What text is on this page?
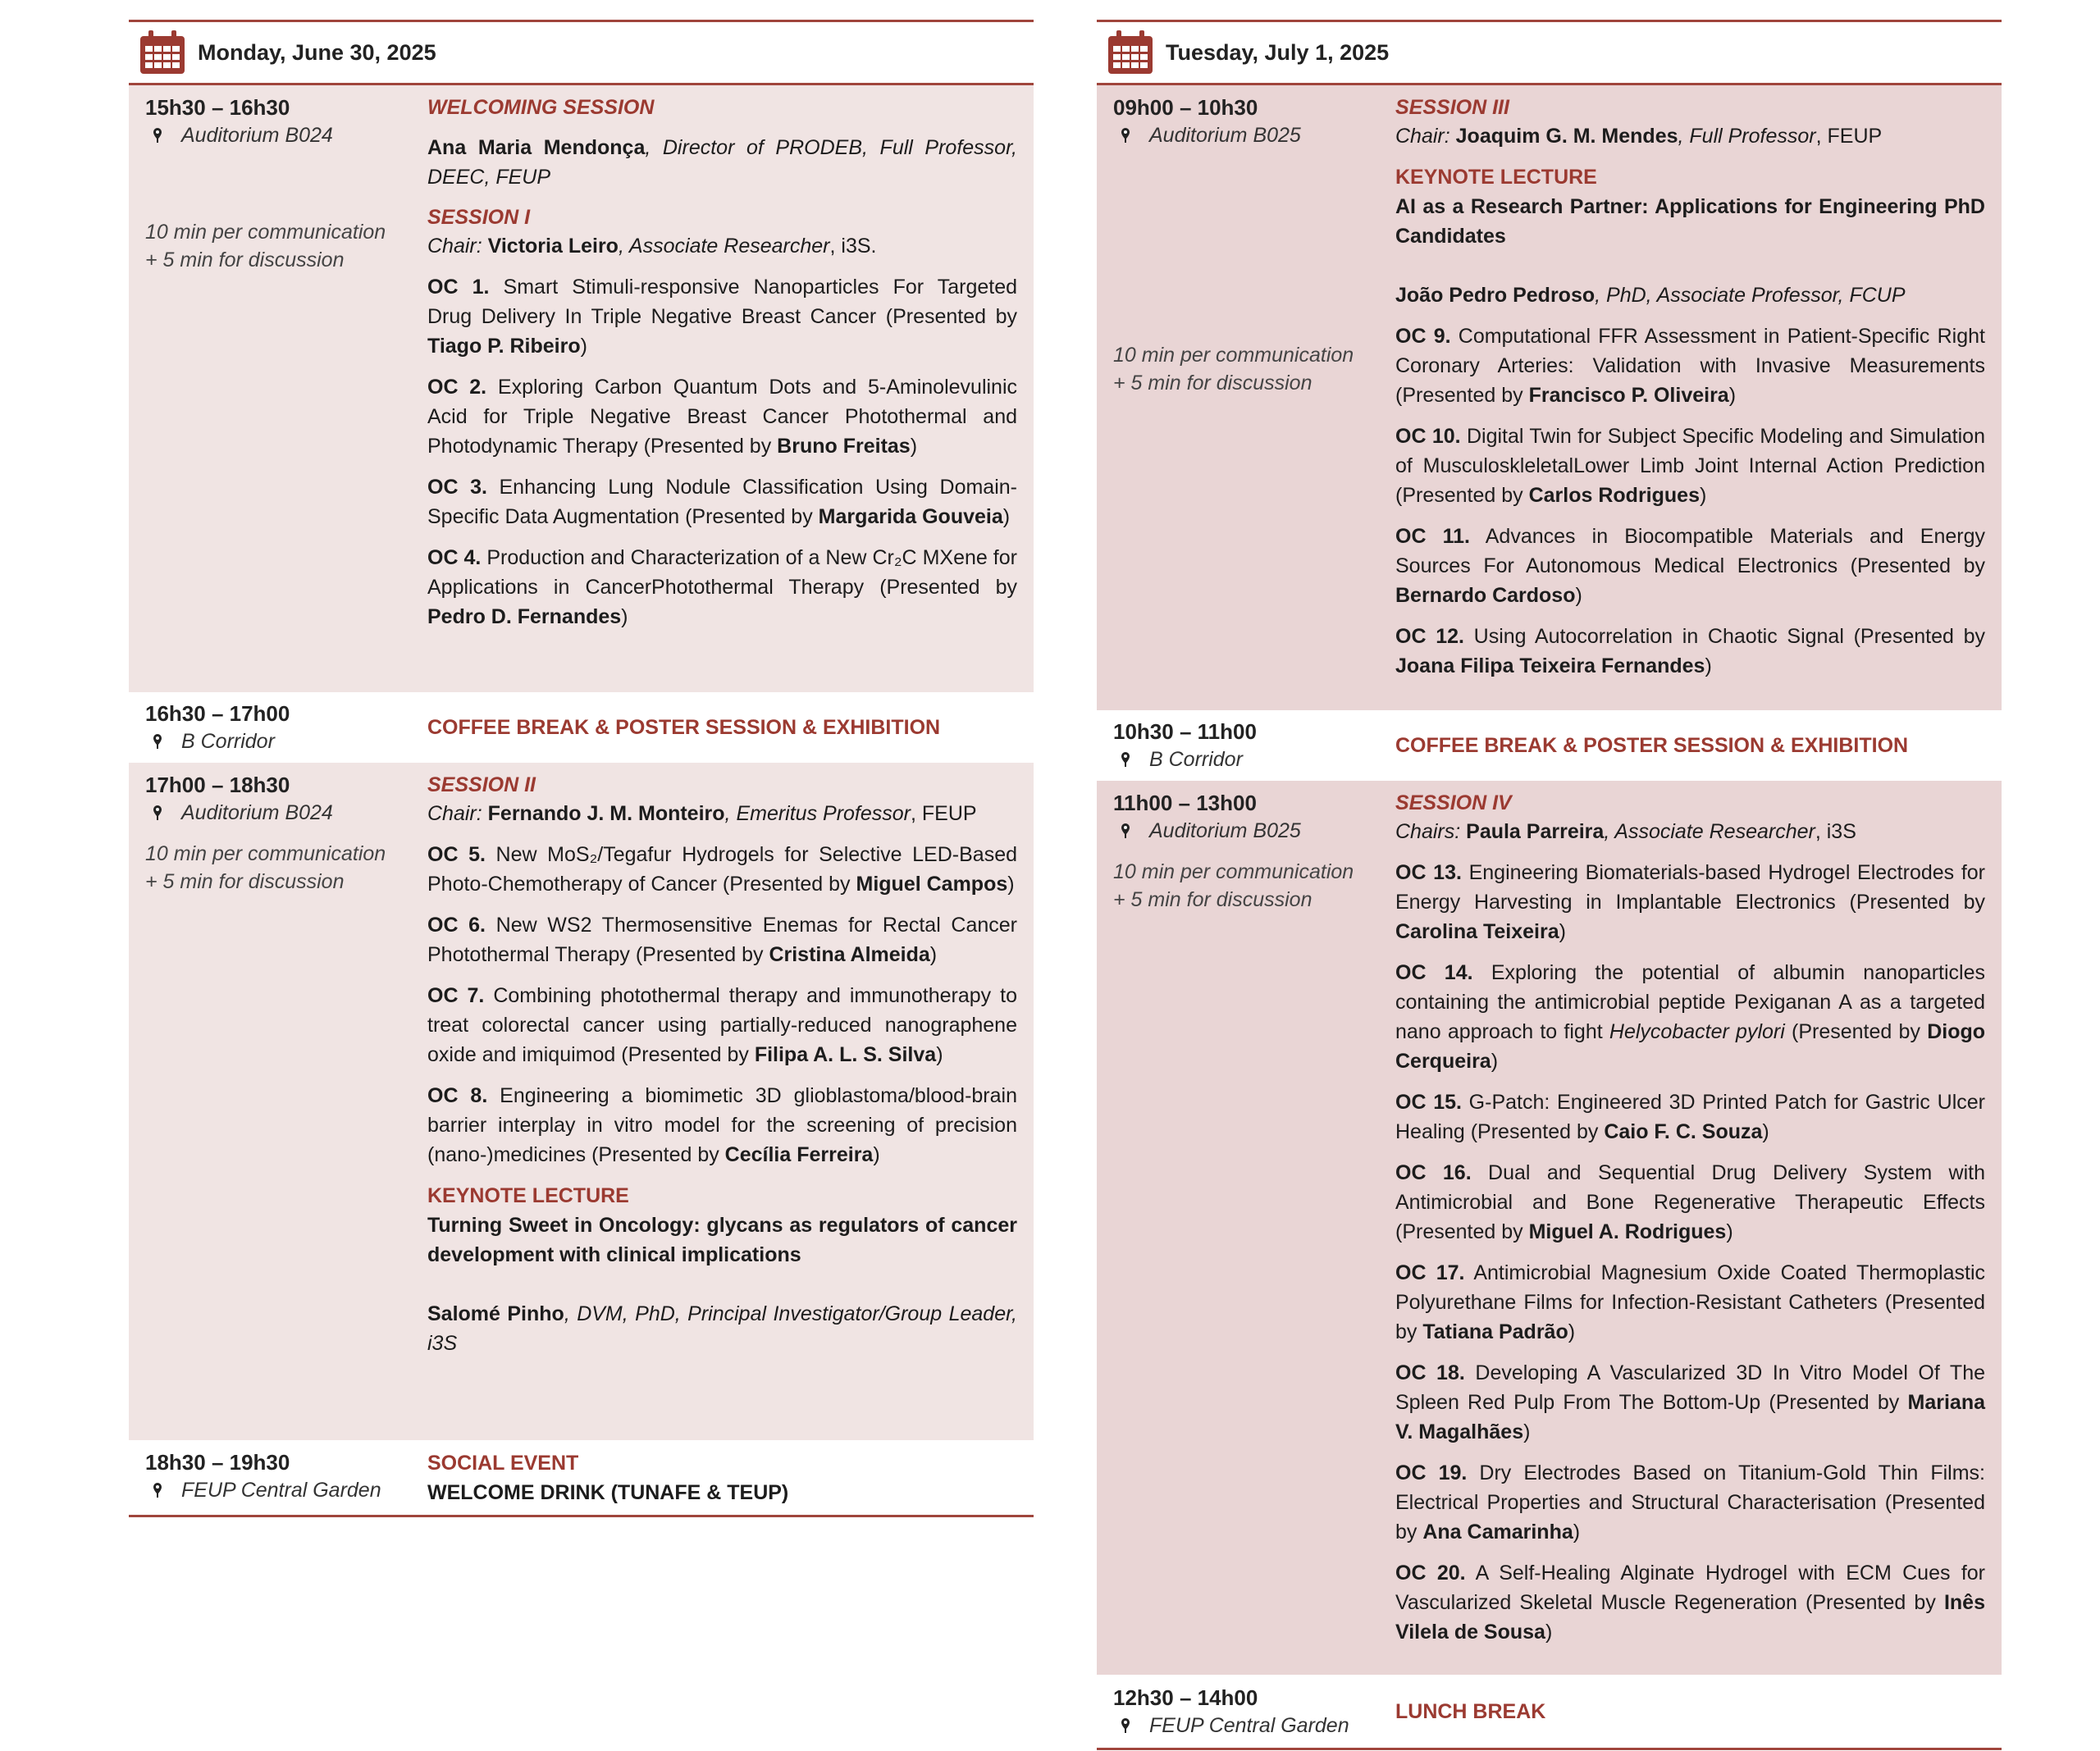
Monday, June 30, 2025
15h30 – 16h30
Auditorium B024
10 min per communication
+ 5 min for discussion
WELCOMING SESSION
Ana Maria Mendonça, Director of PRODEB, Full Professor, DEEC, FEUP
SESSION I
Chair: Victoria Leiro, Associate Researcher, i3S.
OC 1. Smart Stimuli-responsive Nanoparticles For Targeted Drug Delivery In Triple Negative Breast Cancer (Presented by Tiago P. Ribeiro)
OC 2. Exploring Carbon Quantum Dots and 5-Aminolevulinic Acid for Triple Negative Breast Cancer Photothermal and Photodynamic Therapy (Presented by Bruno Freitas)
OC 3. Enhancing Lung Nodule Classification Using Domain-Specific Data Augmentation (Presented by Margarida Gouveia)
OC 4. Production and Characterization of a New Cr₂C MXene for Applications in CancerPhotothermal Therapy (Presented by Pedro D. Fernandes)
16h30 – 17h00
B Corridor
COFFEE BREAK & POSTER SESSION & EXHIBITION
17h00 – 18h30
Auditorium B024
10 min per communication
+ 5 min for discussion
SESSION II
Chair: Fernando J. M. Monteiro, Emeritus Professor, FEUP
OC 5. New MoS₂/Tegafur Hydrogels for Selective LED-Based Photo-Chemotherapy of Cancer (Presented by Miguel Campos)
OC 6. New WS2 Thermosensitive Enemas for Rectal Cancer Photothermal Therapy (Presented by Cristina Almeida)
OC 7. Combining photothermal therapy and immunotherapy to treat colorectal cancer using partially-reduced nanographene oxide and imiquimod (Presented by Filipa A. L. S. Silva)
OC 8. Engineering a biomimetic 3D glioblastoma/blood-brain barrier interplay in vitro model for the screening of precision (nano-)medicines (Presented by Cecília Ferreira)
KEYNOTE LECTURE
Turning Sweet in Oncology: glycans as regulators of cancer development with clinical implications
Salomé Pinho, DVM, PhD, Principal Investigator/Group Leader, i3S
18h30 – 19h30
FEUP Central Garden
SOCIAL EVENT
WELCOME DRINK (TUNAFE & TEUP)
Tuesday, July 1, 2025
09h00 – 10h30
Auditorium B025
10 min per communication
+ 5 min for discussion
SESSION III
Chair: Joaquim G. M. Mendes, Full Professor, FEUP
KEYNOTE LECTURE
AI as a Research Partner: Applications for Engineering PhD Candidates
João Pedro Pedroso, PhD, Associate Professor, FCUP
OC 9. Computational FFR Assessment in Patient-Specific Right Coronary Arteries: Validation with Invasive Measurements (Presented by Francisco P. Oliveira)
OC 10. Digital Twin for Subject Specific Modeling and Simulation of MusculoskleletalLower Limb Joint Internal Action Prediction (Presented by Carlos Rodrigues)
OC 11. Advances in Biocompatible Materials and Energy Sources For Autonomous Medical Electronics (Presented by Bernardo Cardoso)
OC 12. Using Autocorrelation in Chaotic Signal (Presented by Joana Filipa Teixeira Fernandes)
10h30 – 11h00
B Corridor
COFFEE BREAK & POSTER SESSION & EXHIBITION
11h00 – 13h00
Auditorium B025
10 min per communication
+ 5 min for discussion
SESSION IV
Chairs: Paula Parreira, Associate Researcher, i3S
OC 13. Engineering Biomaterials-based Hydrogel Electrodes for Energy Harvesting in Implantable Electronics (Presented by Carolina Teixeira)
OC 14. Exploring the potential of albumin nanoparticles containing the antimicrobial peptide Pexiganan A as a targeted nano approach to fight Helycobacter pylori (Presented by Diogo Cerqueira)
OC 15. G-Patch: Engineered 3D Printed Patch for Gastric Ulcer Healing (Presented by Caio F. C. Souza)
OC 16. Dual and Sequential Drug Delivery System with Antimicrobial and Bone Regenerative Therapeutic Effects (Presented by Miguel A. Rodrigues)
OC 17. Antimicrobial Magnesium Oxide Coated Thermoplastic Polyurethane Films for Infection-Resistant Catheters (Presented by Tatiana Padrão)
OC 18. Developing A Vascularized 3D In Vitro Model Of The Spleen Red Pulp From The Bottom-Up (Presented by Mariana V. Magalhães)
OC 19. Dry Electrodes Based on Titanium-Gold Thin Films: Electrical Properties and Structural Characterisation (Presented by Ana Camarinha)
OC 20. A Self-Healing Alginate Hydrogel with ECM Cues for Vascularized Skeletal Muscle Regeneration (Presented by Inês Vilela de Sousa)
12h30 – 14h00
FEUP Central Garden
LUNCH BREAK
